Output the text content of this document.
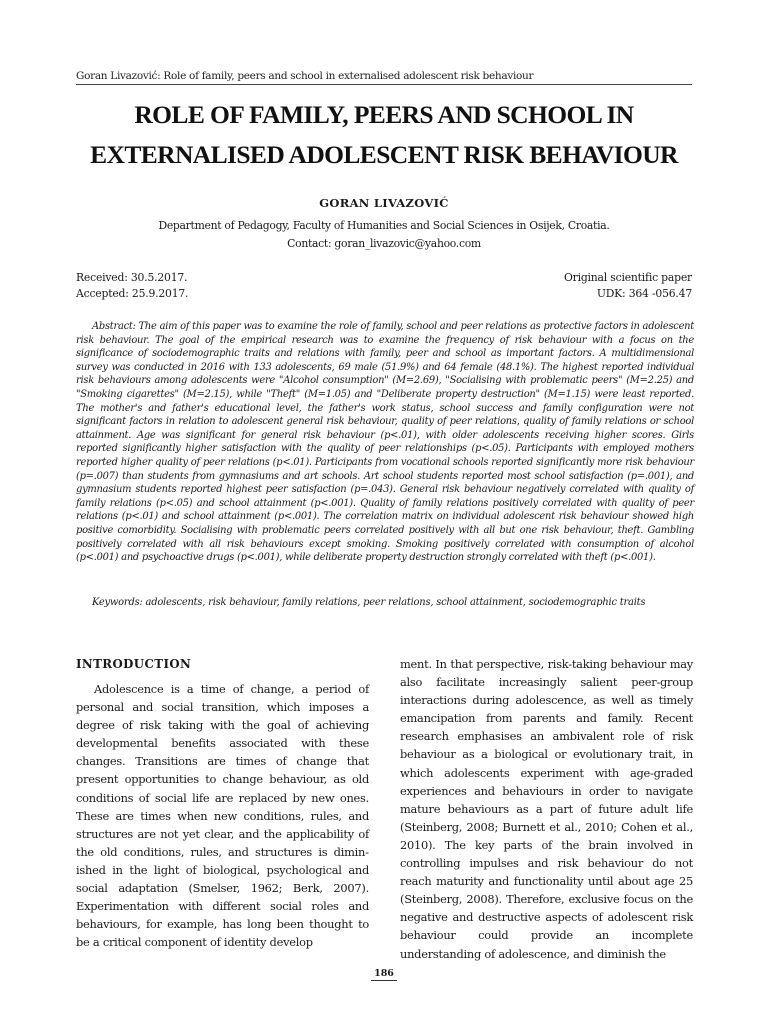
Goran Livazović: Role of family, peers and school in externalised adolescent risk behaviour
ROLE OF FAMILY, PEERS AND SCHOOL IN EXTERNALISED ADOLESCENT RISK BEHAVIOUR
GORAN LIVAZOVIĆ
Department of Pedagogy, Faculty of Humanities and Social Sciences in Osijek, Croatia.
Contact: goran_livazovic@yahoo.com
Received: 30.5.2017.
Accepted: 25.9.2017.
Original scientific paper
UDK: 364 -056.47
Abstract: The aim of this paper was to examine the role of family, school and peer relations as protective factors in adolescent risk behaviour. The goal of the empirical research was to examine the frequency of risk behaviour with a focus on the significance of sociodemographic traits and relations with family, peer and school as important factors. A multidimensional survey was conducted in 2016 with 133 adolescents, 69 male (51.9%) and 64 female (48.1%). The highest reported individual risk behaviours among adolescents were "Alcohol consumption" (M=2.69), "Socialising with problematic peers" (M=2.25) and "Smoking cigarettes" (M=2.15), while "Theft" (M=1.05) and "Deliberate property destruction" (M=1.15) were least reported. The mother's and father's educational level, the father's work status, school success and family configuration were not significant factors in relation to adolescent general risk behaviour, quality of peer relations, quality of family relations or school attainment. Age was significant for general risk behaviour (p<.01), with older adolescents receiving higher scores. Girls reported significantly higher satisfaction with the quality of peer relationships (p<.05). Participants with employed mothers reported higher quality of peer relations (p<.01). Participants from vocational schools reported significantly more risk behaviour (p=.007) than students from gymnasiums and art schools. Art school students reported most school satisfaction (p=.001), and gymnasium students reported highest peer satisfaction (p=.043). General risk behaviour negatively correlated with quality of family relations (p<.05) and school attainment (p<.001). Quality of family relations positively correlated with quality of peer relations (p<.01) and school attainment (p<.001). The correlation matrix on individual adolescent risk behaviour showed high positive comorbidity. Socialising with problematic peers correlated positively with all but one risk behaviour, theft. Gambling positively correlated with all risk behaviours except smoking. Smoking positively correlated with consumption of alcohol (p<.001) and psychoactive drugs (p<.001), while deliberate property destruction strongly correlated with theft (p<.001).
Keywords: adolescents, risk behaviour, family relations, peer relations, school attainment, sociodemographic traits
INTRODUCTION

Adolescence is a time of change, a period of personal and social transition, which imposes a degree of risk taking with the goal of achieving developmental benefits associated with these changes. Transitions are times of change that present opportunities to change behaviour, as old conditions of social life are replaced by new ones. These are times when new conditions, rules, and structures are not yet clear, and the applicability of the old conditions, rules, and structures is diminished in the light of biological, psychological and social adaptation (Smelser, 1962; Berk, 2007). Experimentation with different social roles and behaviours, for example, has long been thought to be a critical component of identity develop

ment. In that perspective, risk-taking behaviour may also facilitate increasingly salient peer-group interactions during adolescence, as well as timely emancipation from parents and family. Recent research emphasises an ambivalent role of risk behaviour as a biological or evolutionary trait, in which adolescents experiment with age-graded experiences and behaviours in order to navigate mature behaviours as a part of future adult life (Steinberg, 2008; Burnett et al., 2010; Cohen et al., 2010). The key parts of the brain involved in controlling impulses and risk behaviour do not reach maturity and functionality until about age 25 (Steinberg, 2008). Therefore, exclusive focus on the negative and destructive aspects of adolescent risk behaviour could provide an incomplete understanding of adolescence, and diminish the

186
